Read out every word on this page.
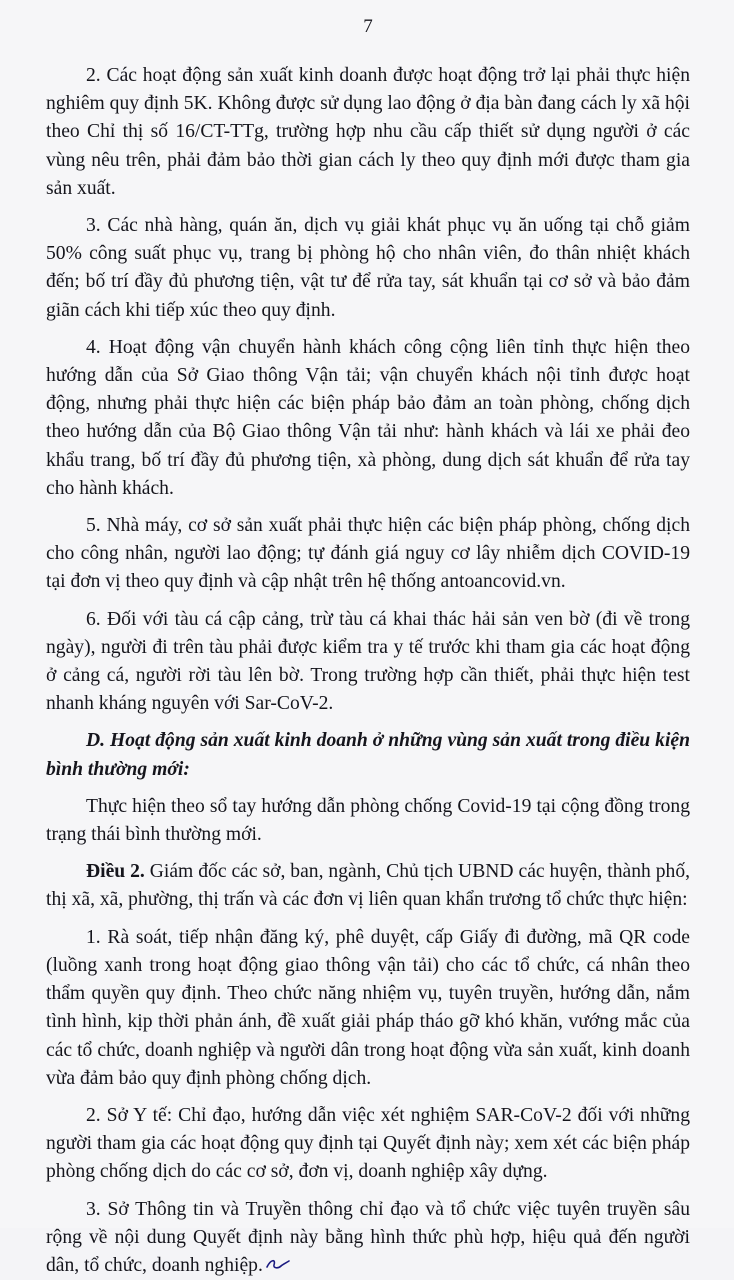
7

2. Các hoạt động sản xuất kinh doanh được hoạt động trở lại phải thực hiện nghiêm quy định 5K. Không được sử dụng lao động ở địa bàn đang cách ly xã hội theo Chỉ thị số 16/CT-TTg, trường hợp nhu cầu cấp thiết sử dụng người ở các vùng nêu trên, phải đảm bảo thời gian cách ly theo quy định mới được tham gia sản xuất.

3. Các nhà hàng, quán ăn, dịch vụ giải khát phục vụ ăn uống tại chỗ giảm 50% công suất phục vụ, trang bị phòng hộ cho nhân viên, đo thân nhiệt khách đến; bố trí đầy đủ phương tiện, vật tư để rửa tay, sát khuẩn tại cơ sở và bảo đảm giãn cách khi tiếp xúc theo quy định.

4. Hoạt động vận chuyển hành khách công cộng liên tỉnh thực hiện theo hướng dẫn của Sở Giao thông Vận tải; vận chuyển khách nội tỉnh được hoạt động, nhưng phải thực hiện các biện pháp bảo đảm an toàn phòng, chống dịch theo hướng dẫn của Bộ Giao thông Vận tải như: hành khách và lái xe phải đeo khẩu trang, bố trí đầy đủ phương tiện, xà phòng, dung dịch sát khuẩn để rửa tay cho hành khách.

5. Nhà máy, cơ sở sản xuất phải thực hiện các biện pháp phòng, chống dịch cho công nhân, người lao động; tự đánh giá nguy cơ lây nhiễm dịch COVID-19 tại đơn vị theo quy định và cập nhật trên hệ thống antoancovid.vn.

6. Đối với tàu cá cập cảng, trừ tàu cá khai thác hải sản ven bờ (đi về trong ngày), người đi trên tàu phải được kiểm tra y tế trước khi tham gia các hoạt động ở cảng cá, người rời tàu lên bờ. Trong trường hợp cần thiết, phải thực hiện test nhanh kháng nguyên với Sar-CoV-2.

D. Hoạt động sản xuất kinh doanh ở những vùng sản xuất trong điều kiện bình thường mới:

Thực hiện theo sổ tay hướng dẫn phòng chống Covid-19 tại cộng đồng trong trạng thái bình thường mới.

Điều 2. Giám đốc các sở, ban, ngành, Chủ tịch UBND các huyện, thành phố, thị xã, xã, phường, thị trấn và các đơn vị liên quan khẩn trương tổ chức thực hiện:

1. Rà soát, tiếp nhận đăng ký, phê duyệt, cấp Giấy đi đường, mã QR code (luồng xanh trong hoạt động giao thông vận tải) cho các tổ chức, cá nhân theo thẩm quyền quy định. Theo chức năng nhiệm vụ, tuyên truyền, hướng dẫn, nắm tình hình, kịp thời phản ánh, đề xuất giải pháp tháo gỡ khó khăn, vướng mắc của các tổ chức, doanh nghiệp và người dân trong hoạt động vừa sản xuất, kinh doanh vừa đảm bảo quy định phòng chống dịch.

2. Sở Y tế: Chỉ đạo, hướng dẫn việc xét nghiệm SAR-CoV-2 đối với những người tham gia các hoạt động quy định tại Quyết định này; xem xét các biện pháp phòng chống dịch do các cơ sở, đơn vị, doanh nghiệp xây dựng.

3. Sở Thông tin và Truyền thông chỉ đạo và tổ chức việc tuyên truyền sâu rộng về nội dung Quyết định này bằng hình thức phù hợp, hiệu quả đến người dân, tổ chức, doanh nghiệp.
